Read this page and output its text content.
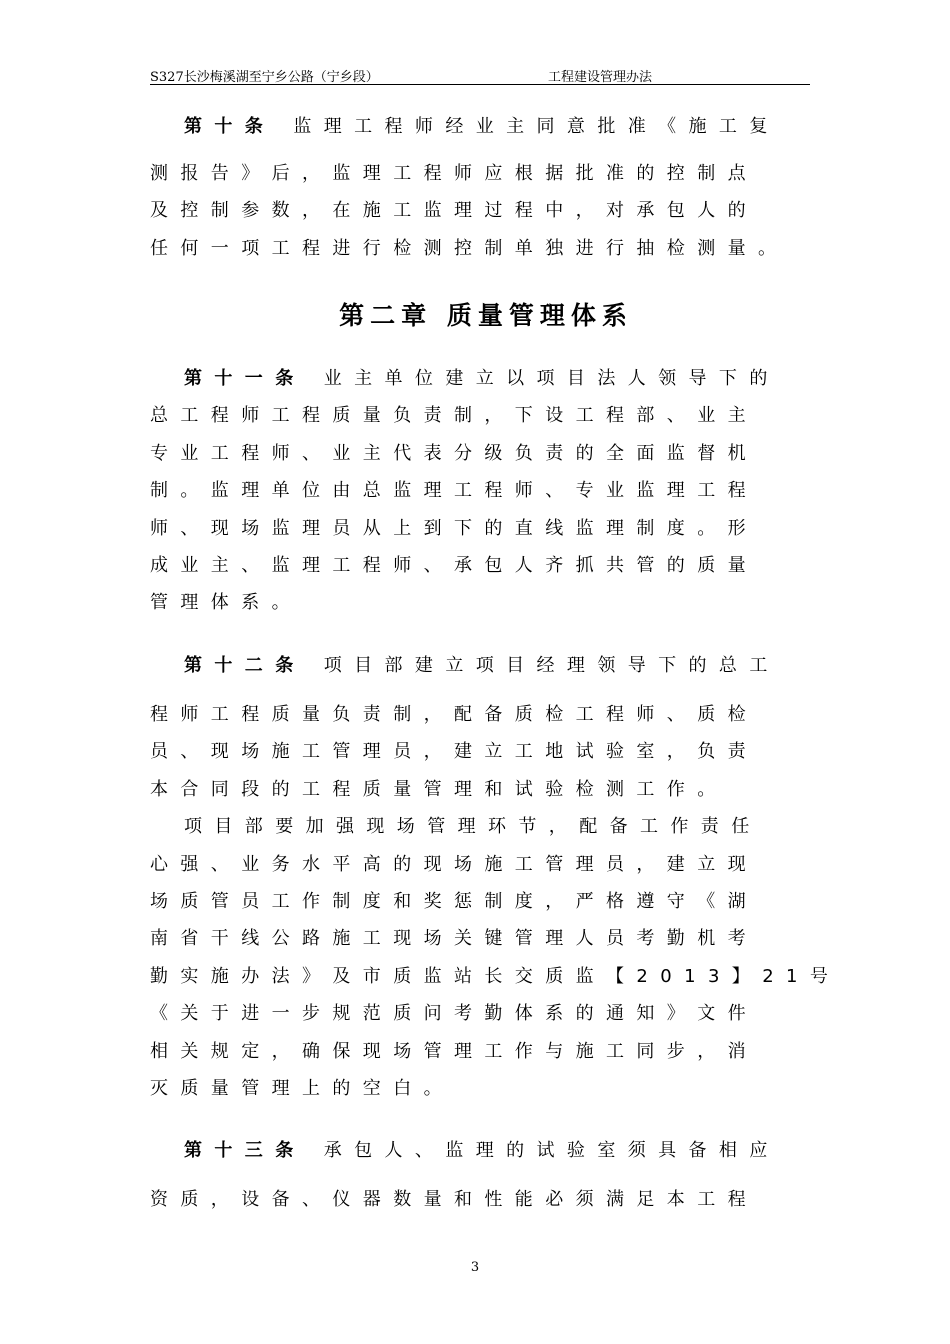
S327长沙梅溪湖至宁乡公路（宁乡段）	工程建设管理办法
第十条 监理工程师经业主同意批准《施工复
测报告》后，监理工程师应根据批准的控制点
及控制参数，在施工监理过程中，对承包人的
任何一项工程进行检测控制单独进行抽检测量。
第二章 质量管理体系
第十一条 业主单位建立以项目法人领导下的
总工程师工程质量负责制，下设工程部、业主
专业工程师、业主代表分级负责的全面监督机
制。监理单位由总监理工程师、专业监理工程
师、现场监理员从上到下的直线监理制度。形
成业主、监理工程师、承包人齐抓共管的质量
管理体系。
第十二条 项目部建立项目经理领导下的总工
程师工程质量负责制，配备质检工程师、质检
员、现场施工管理员，建立工地试验室，负责
本合同段的工程质量管理和试验检测工作。
项目部要加强现场管理环节，配备工作责任
心强、业务水平高的现场施工管理员，建立现
场质管员工作制度和奖惩制度，严格遵守《湖
南省干线公路施工现场关键管理人员考勤机考
勤实施办法》及市质监站长交质监【2013】21号
《关于进一步规范质问考勤体系的通知》文件
相关规定，确保现场管理工作与施工同步，消
灭质量管理上的空白。
第十三条 承包人、监理的试验室须具备相应
资质，设备、仪器数量和性能必须满足本工程
3
